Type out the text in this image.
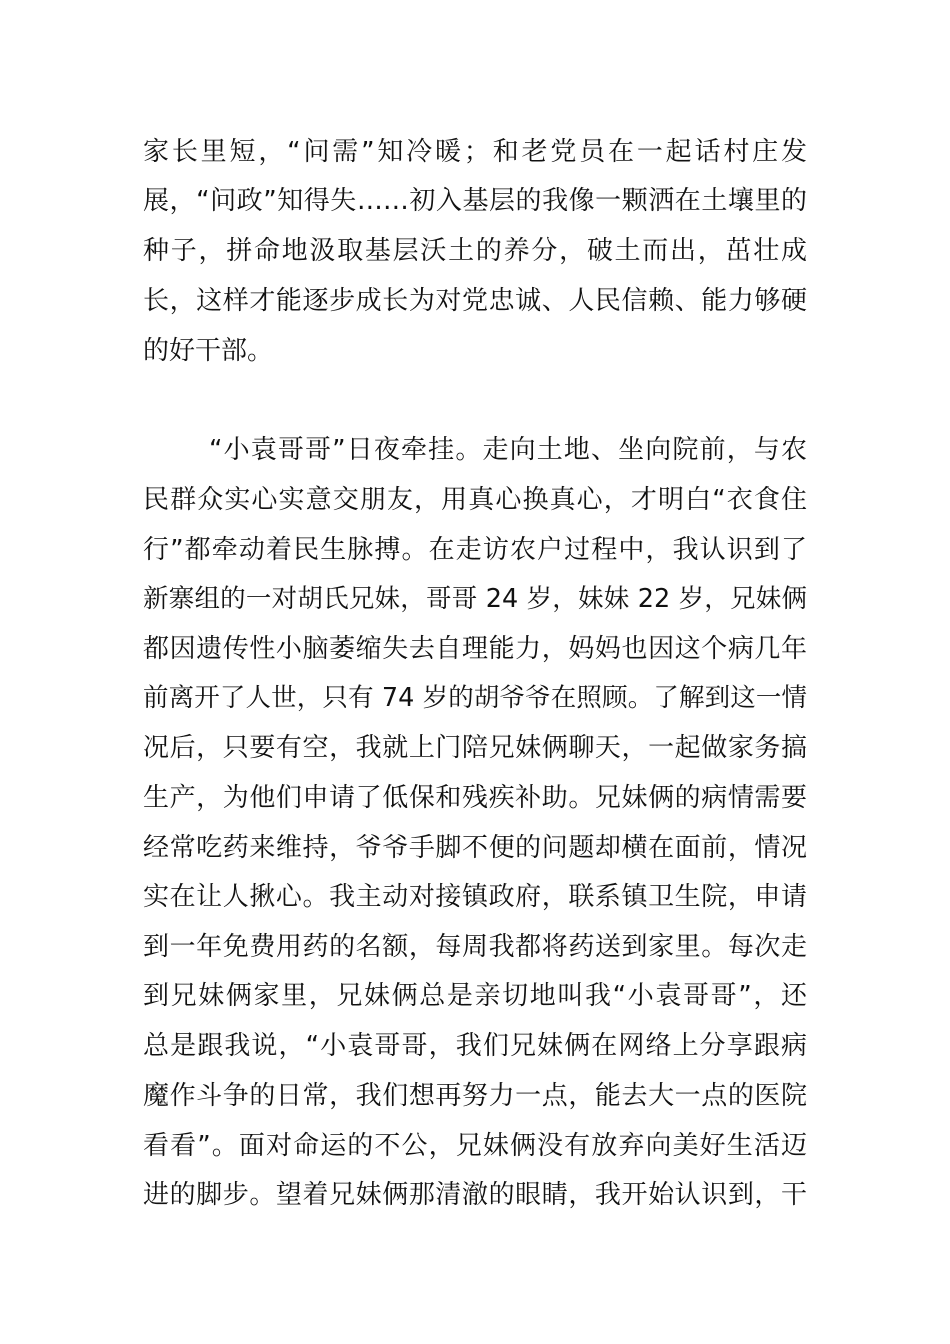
家长里短，“问需”知冷暖；和老党员在一起话村庄发
展，“问政”知得失……初入基层的我像一颗洒在土壤里的
种子，拼命地汲取基层沃土的养分，破土而出，茁壮成
长，这样才能逐步成长为对党忠诚、人民信赖、能力够硬
的好干部。
“小袁哥哥”日夜牵挂。走向土地、坐向院前，与农
民群众实心实意交朋友，用真心换真心，才明白“衣食住
行”都牵动着民生脉搏。在走访农户过程中，我认识到了
新寨组的一对胡氏兄妹，哥哥 24 岁，妹妹 22 岁，兄妹俩
都因遗传性小脑萎缩失去自理能力，妈妈也因这个病几年
前离开了人世，只有 74 岁的胡爷爷在照顾。了解到这一情
况后，只要有空，我就上门陪兄妹俩聊天，一起做家务搞
生产，为他们申请了低保和残疾补助。兄妹俩的病情需要
经常吃药来维持，爷爷手脚不便的问题却横在面前，情况
实在让人揪心。我主动对接镇政府，联系镇卫生院，申请
到一年免费用药的名额，每周我都将药送到家里。每次走
到兄妹俩家里，兄妹俩总是亲切地叫我“小袁哥哥”，还
总是跟我说，“小袁哥哥，我们兄妹俩在网络上分享跟病
魔作斗争的日常，我们想再努力一点，能去大一点的医院
看看”。面对命运的不公，兄妹俩没有放弃向美好生活迈
进的脚步。望着兄妹俩那清澈的眼睛，我开始认识到，干
